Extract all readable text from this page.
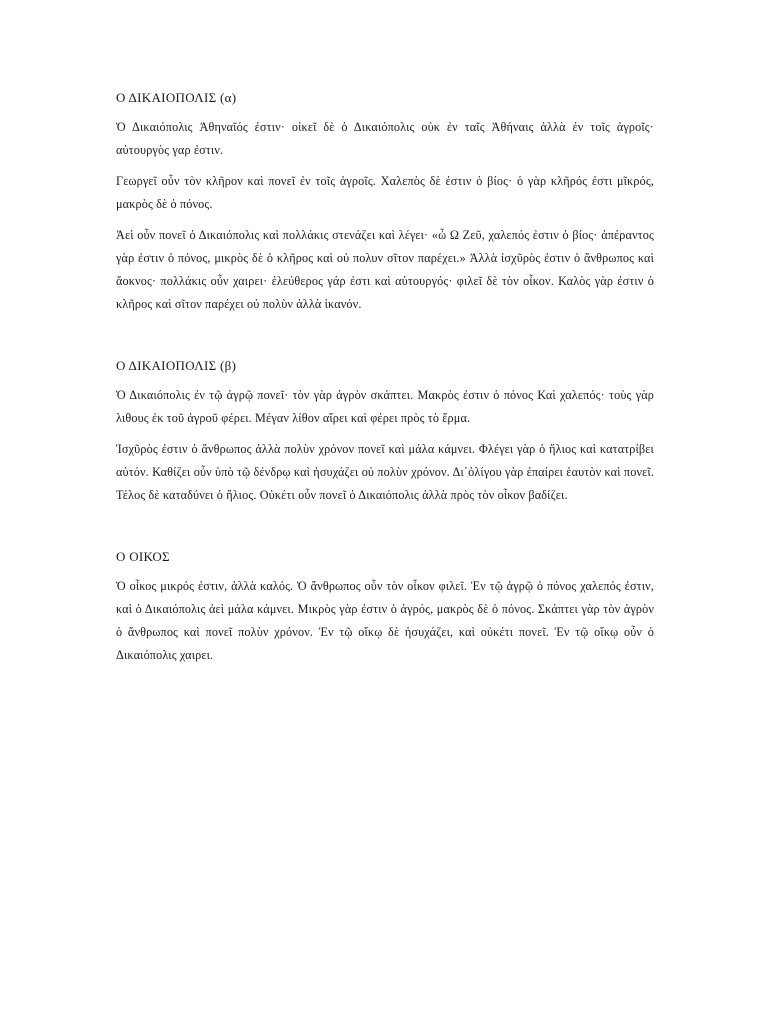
Ο ΔΙΚΑΙΟΠΟΛΙΣ (α)

Ὁ Δικαιόπολις Ἀθηναῖός ἐστιν· οἰκεῖ δὲ ὁ Δικαιόπολις οὐκ ἐν ταῖς Ἀθήναις ἀλλὰ ἐν τοῖς ἀγροῖς· αὐτουργὸς γαρ ἐστιν.

Γεωργεῖ οὖν τὸν κλῆρον καὶ πονεῖ ἐν τοῖς ἀγροῖς. Χαλεπὸς δὲ ἐστιν ὁ βίος· ὁ γὰρ κλῆρός ἐστι μῖκρός, μακρὸς δὲ ὁ πόνος.

Ἀεὶ οὖν πονεῖ ὁ Δικαιόπολις καὶ πολλάκις στενάζει καὶ λέγει· «ὦ Ω Ζεῦ, χαλεπός ἐστιν ὁ βίος· ἀπέραντος γὰρ ἐστιν ὁ πόνος, μικρὸς δὲ ὁ κλῆρος καὶ οὐ πολυν σῖτον παρέχει.» Ἀλλὰ ἰσχῦρὸς ἐστιν ὁ ἄνθρωπος καὶ ἄοκνος· πολλάκις οὖν χαιρει· ἐλεύθερος γάρ ἐστι καὶ αὐτουργός· φιλεῖ δὲ τὸν οἶκον. Καλὸς γὰρ ἐστιν ὁ κλῆρος καὶ σῖτον παρέχει οὐ πολὺν ἀλλὰ ἱκανόν.

Ο ΔΙΚΑΙΟΠΟΛΙΣ (β)

Ὁ Δικαιόπολις ἐν τῷ ἀγρῷ πονεῖ· τὸν γὰρ ἀγρὸν σκάπτει. Μακρὸς ἐστιν ὁ πόνος Καὶ χαλεπός· τοὺς γὰρ λιθους ἐκ τοῦ ἀγροῦ φέρει. Μέγαν λίθον αἴρει καὶ φέρει πρὸς τὸ ἕρμα.

Ἰσχῦρὸς ἐστιν ὁ ἄνθρωπος ἀλλὰ πολὺν χρόνον πονεῖ καὶ μάλα κάμνει. Φλέγει γὰρ ὁ ἥλιος καὶ κατατρίβει αὐτόν. Καθίζει οὖν ὑπὸ τῷ δένδρῳ καὶ ἡσυχάζει οὐ πολὺν χρόνον. Δι᾽ὀλίγου γὰρ ἐπαίρει ἑαυτὸν καὶ πονεῖ. Τέλος δὲ καταδύνει ὁ ἥλιος. Οὐκέτι οὖν πονεῖ ὁ Δικαιόπολις ἀλλὰ πρὸς τὸν οἶκον βαδίζει.

Ο ΟΙΚΟΣ

Ὁ οἶκος μικρός ἐστιν, ἀλλὰ καλός. Ὁ ἄνθρωπος οὖν τὸν οἶκον φιλεῖ. Ἐν τῷ ἀγρῷ ὁ πόνος χαλεπός ἐστιν, καὶ ὁ Δικαιόπολις ἀεὶ μάλα κάμνει. Μικρὸς γὰρ ἐστιν ὁ ἀγρός, μακρὸς δὲ ὁ πόνος. Σκάπτει γὰρ τὸν ἀγρὸν ὁ ἄνθρωπος καὶ πονεῖ πολὺν χρόνον. Ἐν τῷ οἴκῳ δὲ ἡσυχάζει, καὶ οὐκέτι πονεῖ. Ἐν τῷ οἴκῳ οὖν ὁ Δικαιόπολις χαιρει.
